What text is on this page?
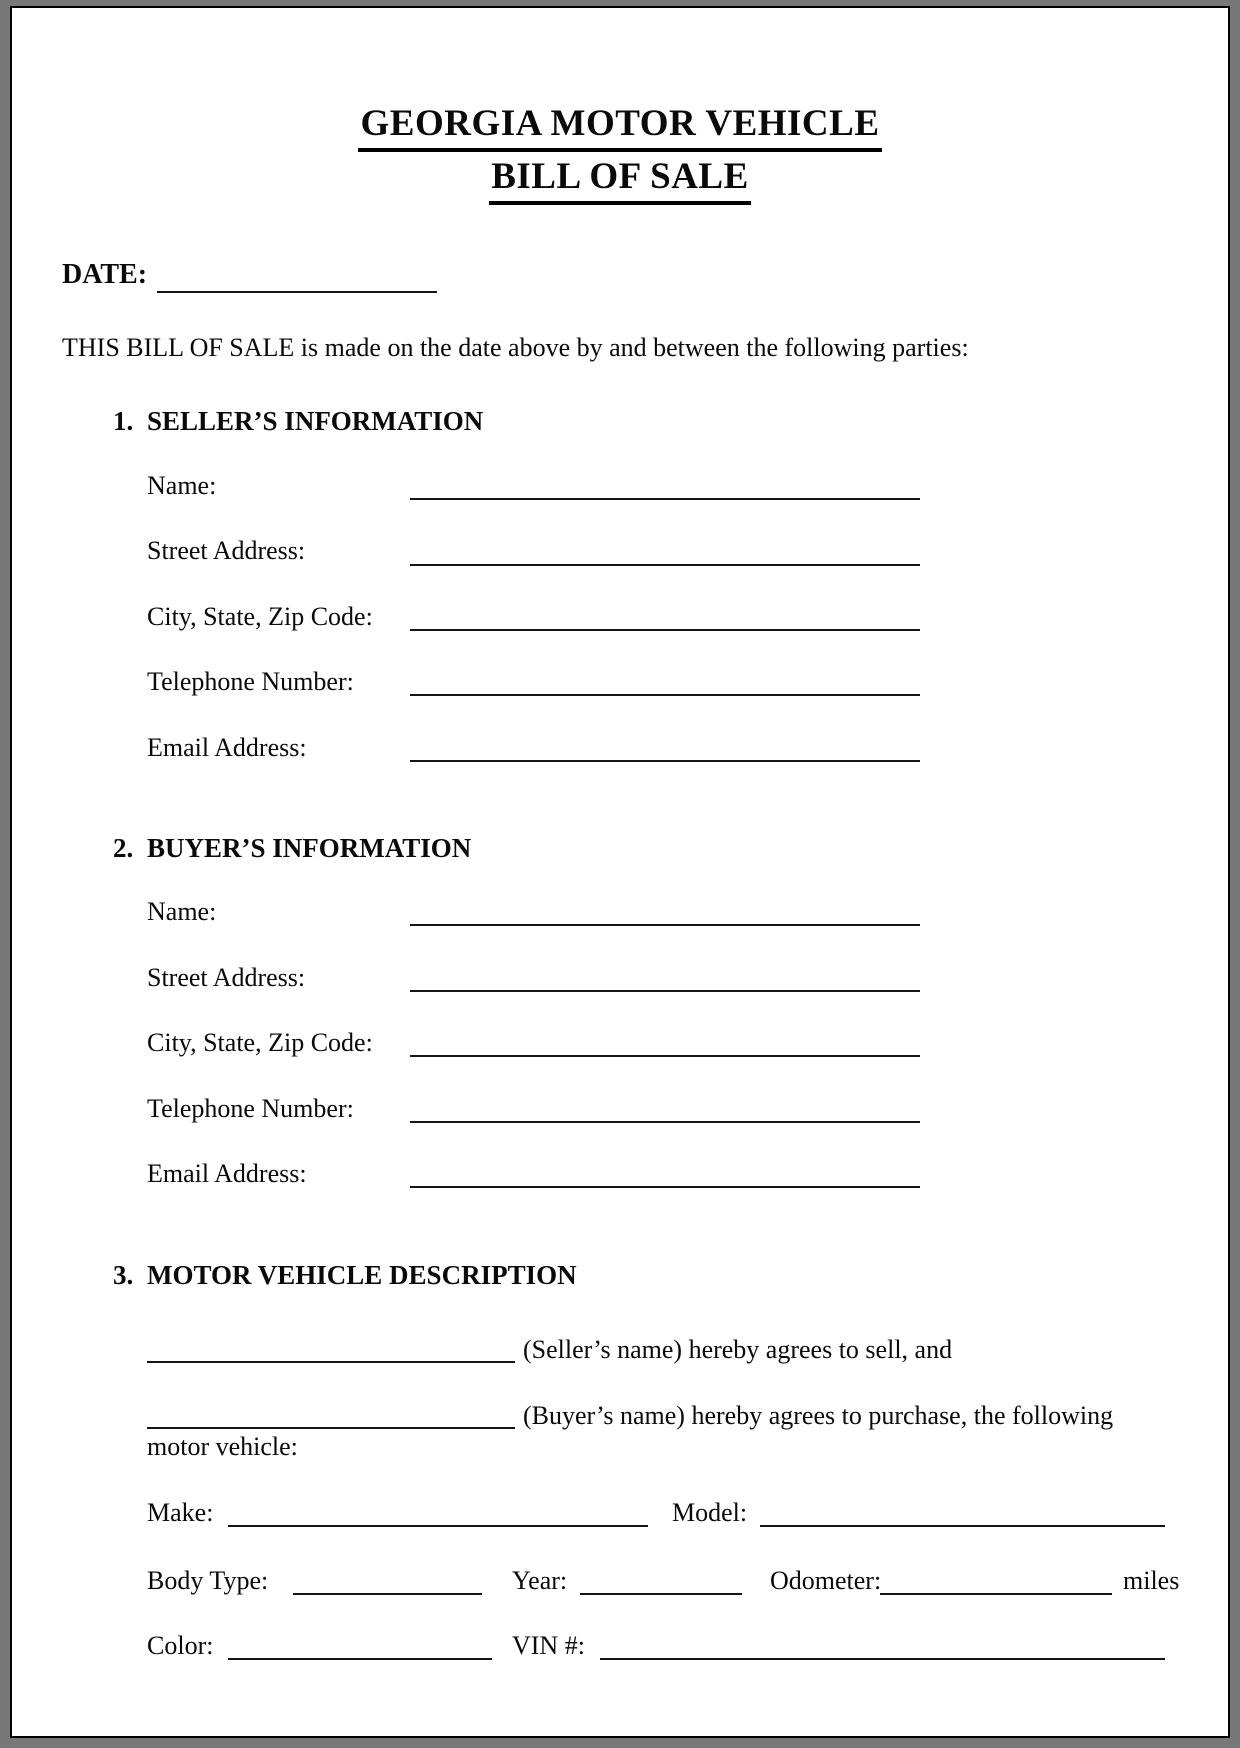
GEORGIA MOTOR VEHICLE
BILL OF SALE
DATE:
THIS BILL OF SALE is made on the date above by and between the following parties:
1. SELLER’S INFORMATION
Name:
Street Address:
City, State, Zip Code:
Telephone Number:
Email Address:
2. BUYER’S INFORMATION
Name:
Street Address:
City, State, Zip Code:
Telephone Number:
Email Address:
3. MOTOR VEHICLE DESCRIPTION
(Seller’s name) hereby agrees to sell, and
(Buyer’s name) hereby agrees to purchase, the following
motor vehicle:
Make:	Model:
Body Type:	Year:	Odometer:	miles
Color:	VIN #:
